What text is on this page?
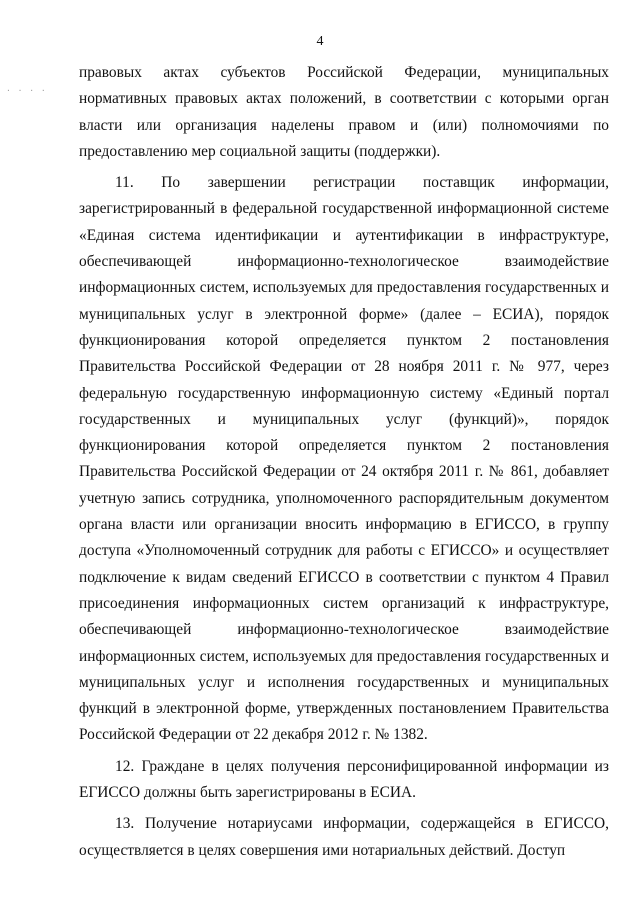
· · · ·
4

правовых актах субъектов Российской Федерации, муниципальных нормативных правовых актах положений, в соответствии с которыми орган власти или организация наделены правом и (или) полномочиями по предоставлению мер социальной защиты (поддержки).

11. По завершении регистрации поставщик информации, зарегистрированный в федеральной государственной информационной системе «Единая система идентификации и аутентификации в инфраструктуре, обеспечивающей информационно-технологическое взаимодействие информационных систем, используемых для предоставления государственных и муниципальных услуг в электронной форме» (далее – ЕСИА), порядок функционирования которой определяется пунктом 2 постановления Правительства Российской Федерации от 28 ноября 2011 г. № 977, через федеральную государственную информационную систему «Единый портал государственных и муниципальных услуг (функций)», порядок функционирования которой определяется пунктом 2 постановления Правительства Российской Федерации от 24 октября 2011 г. № 861, добавляет учетную запись сотрудника, уполномоченного распорядительным документом органа власти или организации вносить информацию в ЕГИССО, в группу доступа «Уполномоченный сотрудник для работы с ЕГИССО» и осуществляет подключение к видам сведений ЕГИССО в соответствии с пунктом 4 Правил присоединения информационных систем организаций к инфраструктуре, обеспечивающей информационно-технологическое взаимодействие информационных систем, используемых для предоставления государственных и муниципальных услуг и исполнения государственных и муниципальных функций в электронной форме, утвержденных постановлением Правительства Российской Федерации от 22 декабря 2012 г. № 1382.

12. Граждане в целях получения персонифицированной информации из ЕГИССО должны быть зарегистрированы в ЕСИА.

13. Получение нотариусами информации, содержащейся в ЕГИССО, осуществляется в целях совершения ими нотариальных действий. Доступ
